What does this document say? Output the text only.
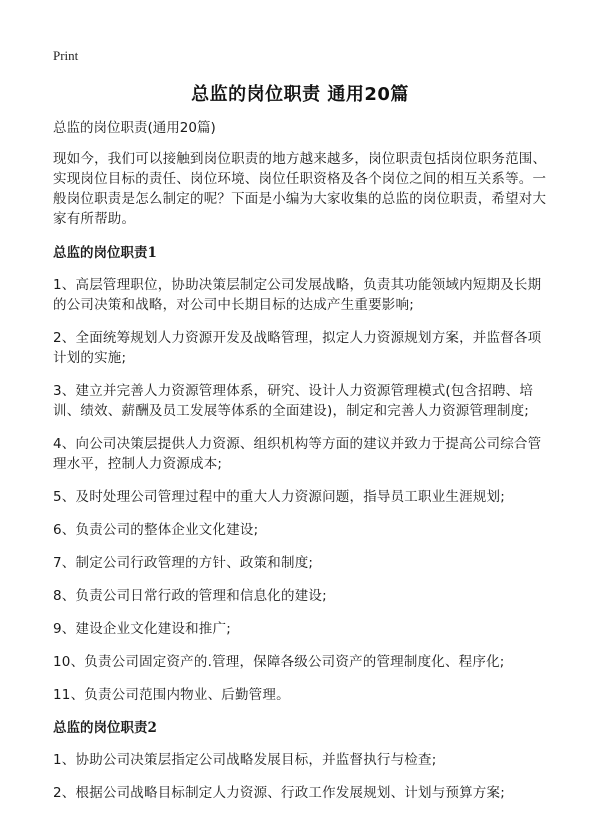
Print
总监的岗位职责 通用20篇

总监的岗位职责(通用20篇)

现如今，我们可以接触到岗位职责的地方越来越多，岗位职责包括岗位职务范围、实现岗位目标的责任、岗位环境、岗位任职资格及各个岗位之间的相互关系等。一般岗位职责是怎么制定的呢？下面是小编为大家收集的总监的岗位职责，希望对大家有所帮助。

总监的岗位职责1

1、高层管理职位，协助决策层制定公司发展战略，负责其功能领域内短期及长期的公司决策和战略，对公司中长期目标的达成产生重要影响;

2、全面统筹规划人力资源开发及战略管理，拟定人力资源规划方案，并监督各项计划的实施;

3、建立并完善人力资源管理体系，研究、设计人力资源管理模式(包含招聘、培训、绩效、薪酬及员工发展等体系的全面建设)，制定和完善人力资源管理制度;

4、向公司决策层提供人力资源、组织机构等方面的建议并致力于提高公司综合管理水平，控制人力资源成本;

5、及时处理公司管理过程中的重大人力资源问题，指导员工职业生涯规划;

6、负责公司的整体企业文化建设;

7、制定公司行政管理的方针、政策和制度;

8、负责公司日常行政的管理和信息化的建设;

9、建设企业文化建设和推广;

10、负责公司固定资产的.管理，保障各级公司资产的管理制度化、程序化;

11、负责公司范围内物业、后勤管理。

总监的岗位职责2

1、协助公司决策层指定公司战略发展目标，并监督执行与检查;

2、根据公司战略目标制定人力资源、行政工作发展规划、计划与预算方案;
